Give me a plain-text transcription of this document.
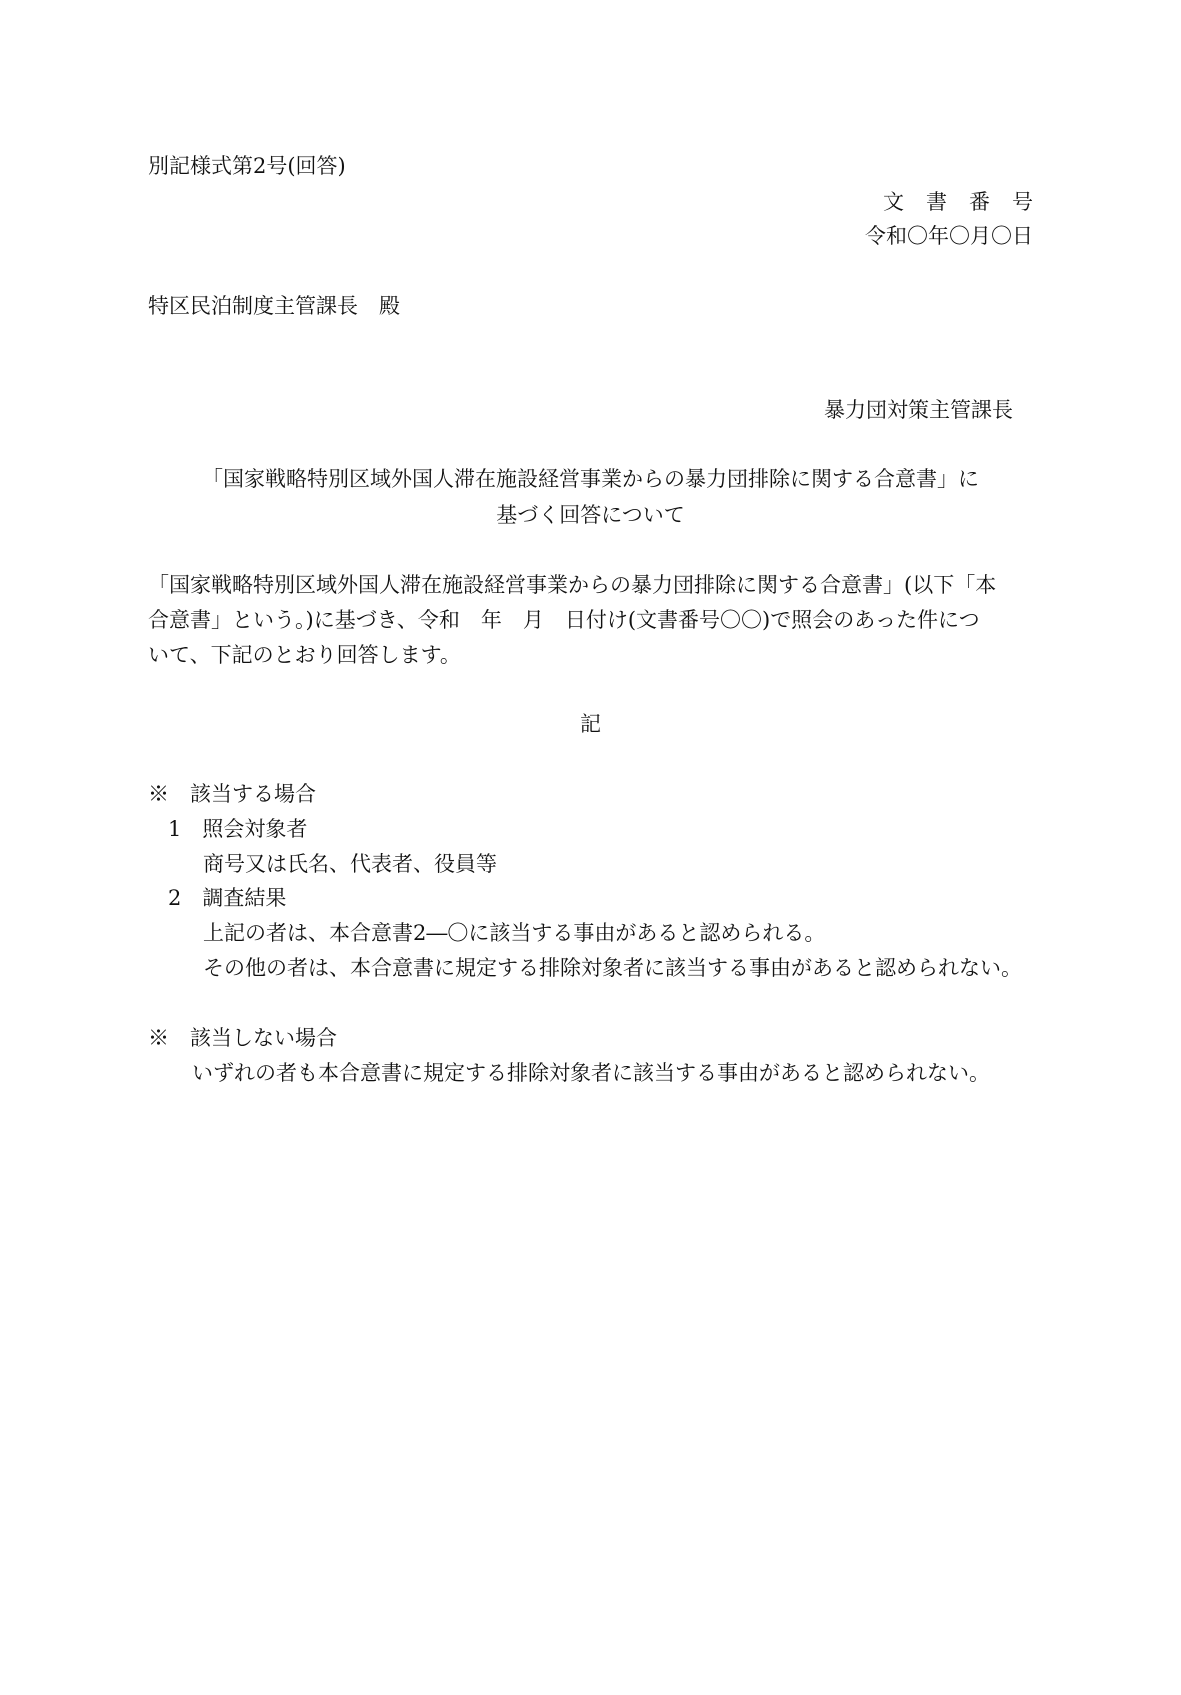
別記様式第2号(回答)
文書番号
令和〇年〇月〇日
特区民泊制度主管課長　殿
暴力団対策主管課長
「国家戦略特別区域外国人滞在施設経営事業からの暴力団排除に関する合意書」に
基づく回答について
「国家戦略特別区域外国人滞在施設経営事業からの暴力団排除に関する合意書」(以下「本
合意書」という。)に基づき、令和　年　月　日付け(文書番号〇〇)で照会のあった件につ
いて、下記のとおり回答します。
記
※　該当する場合
1　照会対象者
商号又は氏名、代表者、役員等
2　調査結果
上記の者は、本合意書2―〇に該当する事由があると認められる。
その他の者は、本合意書に規定する排除対象者に該当する事由があると認められない。
※　該当しない場合
いずれの者も本合意書に規定する排除対象者に該当する事由があると認められない。
